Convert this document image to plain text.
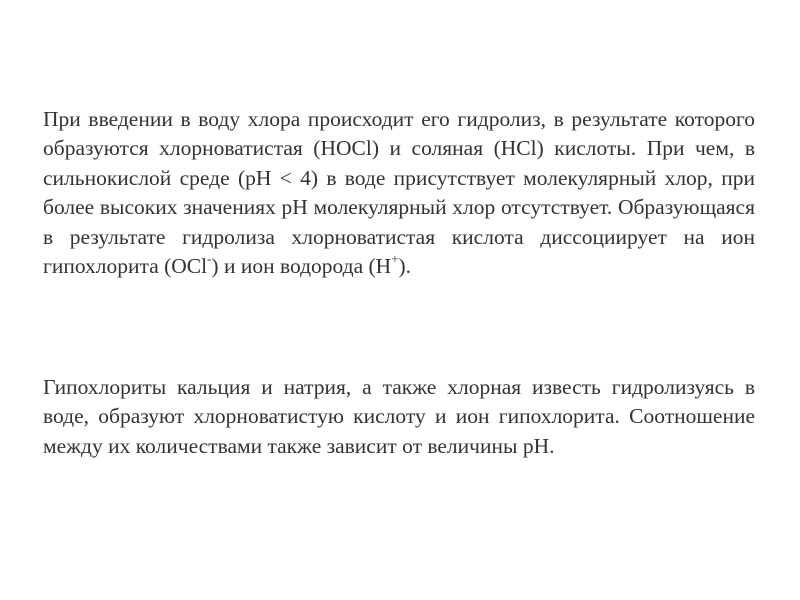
При введении в воду хлора происходит его гидролиз, в результате которого образуются хлорноватистая (HOCl) и соляная (HCl) кислоты. При чем, в сильнокислой среде (pH < 4) в воде присутствует молекулярный хлор, при более высоких значениях pH молекулярный хлор отсутствует. Образующаяся в результате гидролиза хлорноватистая кислота диссоциирует на ион гипохлорита (OCl-) и ион водорода (H+).

Гипохлориты кальция и натрия, а также хлорная известь гидролизуясь в воде, образуют хлорноватистую кислоту и ион гипохлорита. Соотношение между их количествами также зависит от величины pH.
